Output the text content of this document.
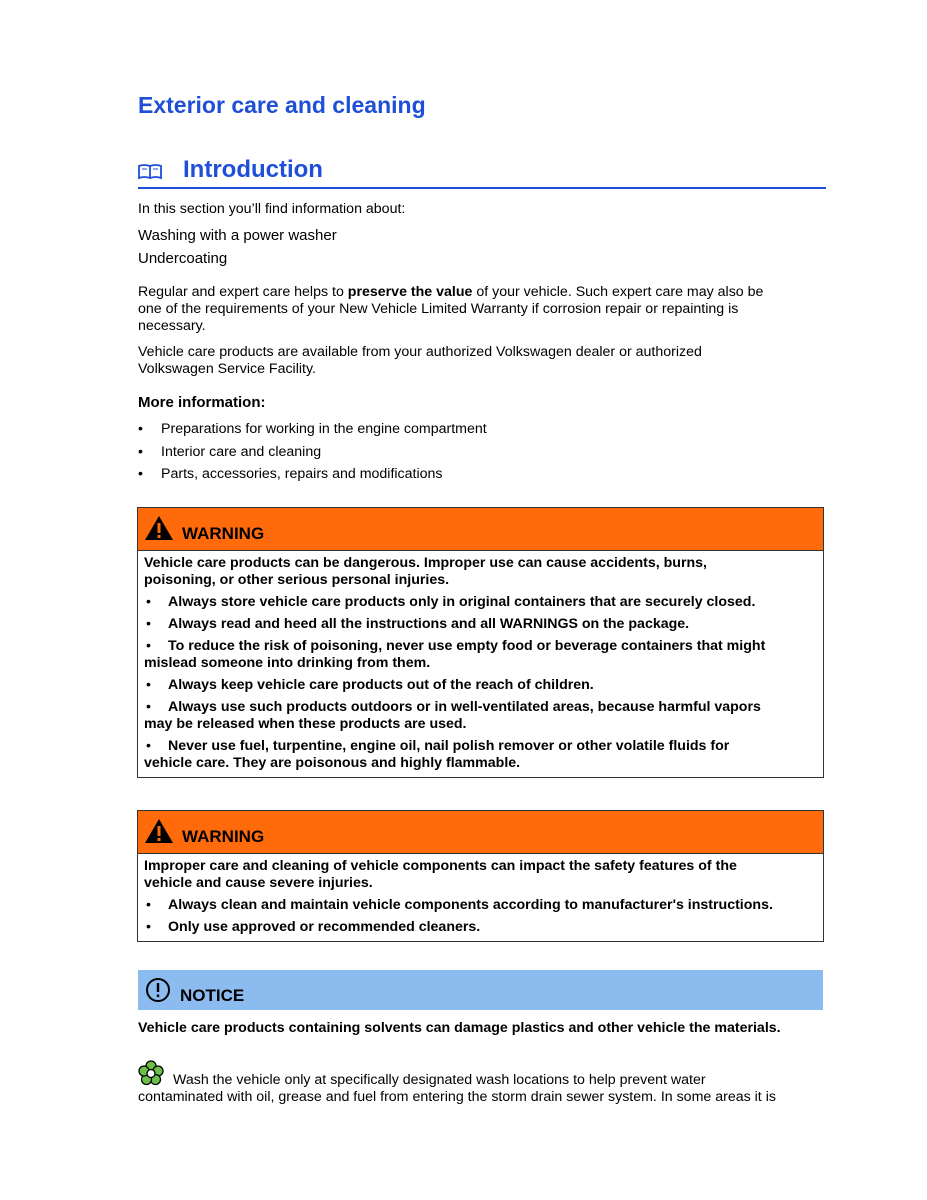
Exterior care and cleaning
Introduction
In this section you’ll find information about:
Washing with a power washer
Undercoating
Regular and expert care helps to preserve the value of your vehicle. Such expert care may also be
one of the requirements of your New Vehicle Limited Warranty if corrosion repair or repainting is
necessary.
Vehicle care products are available from your authorized Volkswagen dealer or authorized
Volkswagen Service Facility.
More information:
• Preparations for working in the engine compartment
• Interior care and cleaning
• Parts, accessories, repairs and modifications
WARNING
Vehicle care products can be dangerous. Improper use can cause accidents, burns,
poisoning, or other serious personal injuries.
• Always store vehicle care products only in original containers that are securely closed.
• Always read and heed all the instructions and all WARNINGS on the package.
• To reduce the risk of poisoning, never use empty food or beverage containers that might
mislead someone into drinking from them.
• Always keep vehicle care products out of the reach of children.
• Always use such products outdoors or in well-ventilated areas, because harmful vapors
may be released when these products are used.
• Never use fuel, turpentine, engine oil, nail polish remover or other volatile fluids for
vehicle care. They are poisonous and highly flammable.
WARNING
Improper care and cleaning of vehicle components can impact the safety features of the
vehicle and cause severe injuries.
• Always clean and maintain vehicle components according to manufacturer's instructions.
• Only use approved or recommended cleaners.
NOTICE
Vehicle care products containing solvents can damage plastics and other vehicle the materials.
Wash the vehicle only at specifically designated wash locations to help prevent water
contaminated with oil, grease and fuel from entering the storm drain sewer system. In some areas it is
